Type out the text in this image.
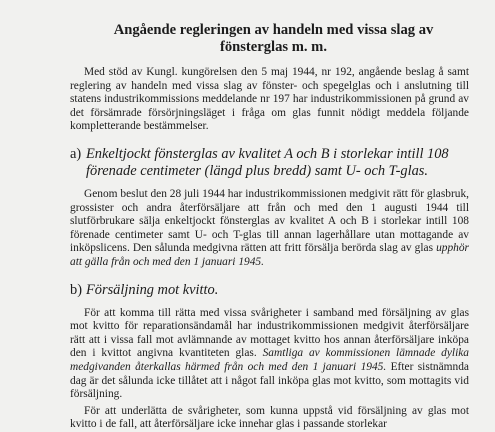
Angående regleringen av handeln med vissa slag av
fönsterglas m. m.

Med stöd av Kungl. kungörelsen den 5 maj 1944, nr 192, angående beslag å samt reglering av handeln med vissa slag av fönster- och spegelglas och i anslutning till statens industrikommissions meddelande nr 197 har industrikommissionen på grund av det försämrade försörjningsläget i fråga om glas funnit nödigt meddela följande kompletterande bestämmelser.

a) Enkeltjockt fönsterglas av kvalitet A och B i storlekar intill 108
förenade centimeter (längd plus bredd) samt U- och T-glas.

Genom beslut den 28 juli 1944 har industrikommissionen medgivit rätt för glasbruk, grossister och andra återförsäljare att från och med den 1 augusti 1944 till slutförbrukare sälja enkeltjockt fönsterglas av kvalitet A och B i storlekar intill 108 förenade centimeter samt U- och T-glas till annan lagerhållare utan mottagande av inköpslicens. Den sålunda medgivna rätten att fritt försälja berörda slag av glas upphör att gälla från och med den 1 januari 1945.

b) Försäljning mot kvitto.

För att komma till rätta med vissa svårigheter i samband med försäljning av glas mot kvitto för reparationsändamål har industrikommissionen medgivit återförsäljare rätt att i vissa fall mot avlämnande av mottaget kvitto hos annan återförsäljare inköpa den i kvittot angivna kvantiteten glas. Samtliga av kommissionen lämnade dylika medgivanden återkallas härmed från och med den 1 januari 1945. Efter sistnämnda dag är det sålunda icke tillåtet att i något fall inköpa glas mot kvitto, som mottagits vid försäljning.

För att underlätta de svårigheter, som kunna uppstå vid försäljning av glas mot kvitto i de fall, att återförsäljare icke innehar glas i passande storlekar
